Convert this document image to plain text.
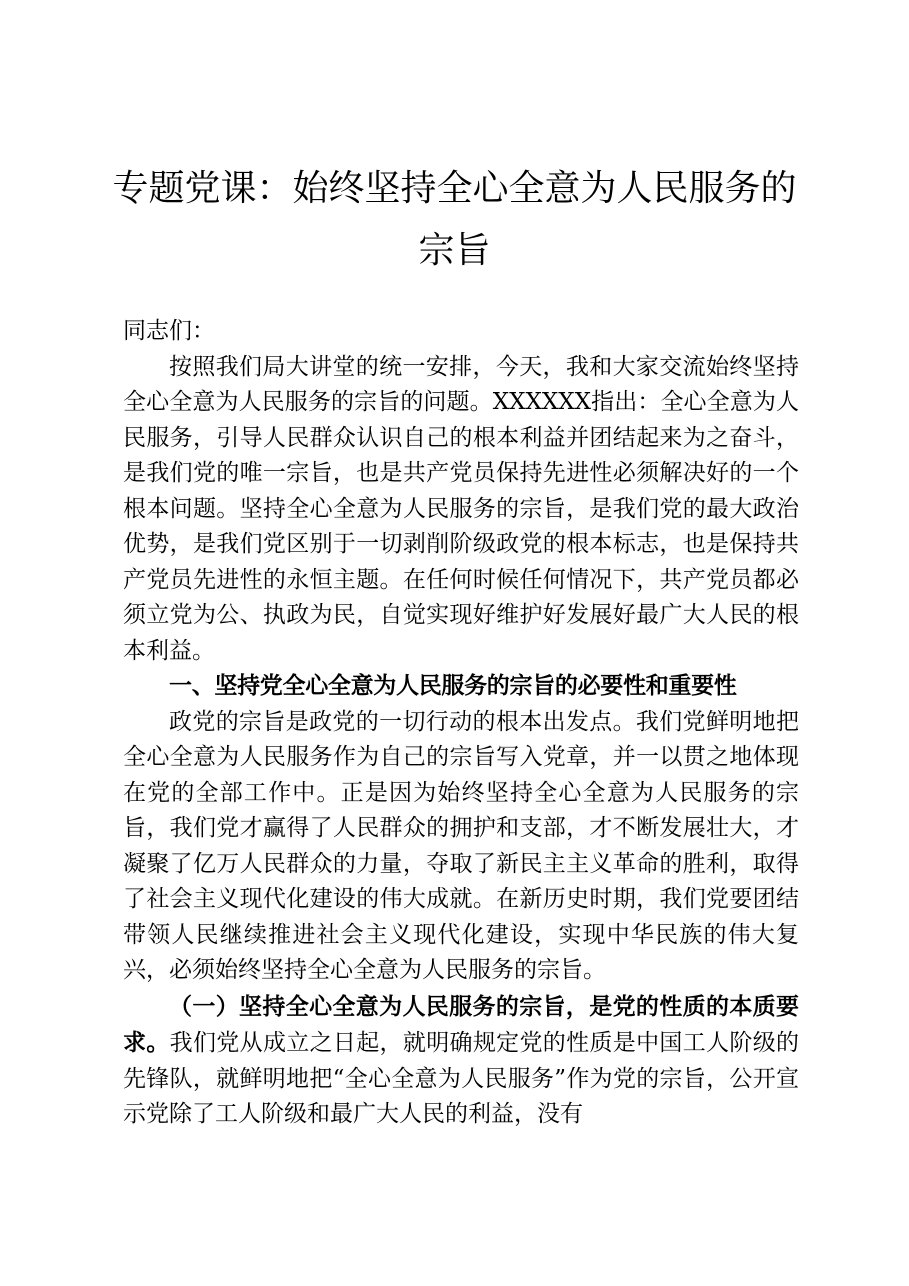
专题党课：始终坚持全心全意为人民服务的宗旨

同志们：

按照我们局大讲堂的统一安排，今天，我和大家交流始终坚持全心全意为人民服务的宗旨的问题。XXXXXX指出：全心全意为人民服务，引导人民群众认识自己的根本利益并团结起来为之奋斗，是我们党的唯一宗旨，也是共产党员保持先进性必须解决好的一个根本问题。坚持全心全意为人民服务的宗旨，是我们党的最大政治优势，是我们党区别于一切剥削阶级政党的根本标志，也是保持共产党员先进性的永恒主题。在任何时候任何情况下，共产党员都必须立党为公、执政为民，自觉实现好维护好发展好最广大人民的根本利益。

一、坚持党全心全意为人民服务的宗旨的必要性和重要性

政党的宗旨是政党的一切行动的根本出发点。我们党鲜明地把全心全意为人民服务作为自己的宗旨写入党章，并一以贯之地体现在党的全部工作中。正是因为始终坚持全心全意为人民服务的宗旨，我们党才赢得了人民群众的拥护和支部，才不断发展壮大，才凝聚了亿万人民群众的力量，夺取了新民主主义革命的胜利，取得了社会主义现代化建设的伟大成就。在新历史时期，我们党要团结带领人民继续推进社会主义现代化建设，实现中华民族的伟大复兴，必须始终坚持全心全意为人民服务的宗旨。

（一）坚持全心全意为人民服务的宗旨，是党的性质的本质要求。我们党从成立之日起，就明确规定党的性质是中国工人阶级的先锋队，就鲜明地把“全心全意为人民服务”作为党的宗旨，公开宣示党除了工人阶级和最广大人民的利益，没有
